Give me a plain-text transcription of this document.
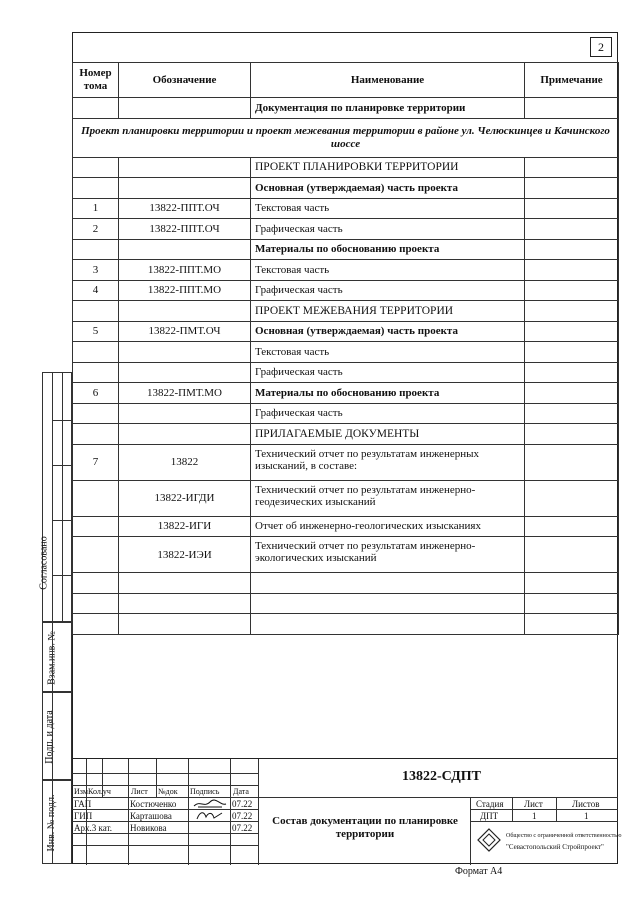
2
Номер тома	Обозначение	Наименование	Примечание
		Документация по планировке территории	
Проект планировки территории и проект межевания территории в районе ул. Челюскинцев и Качинского шоссе			
		ПРОЕКТ ПЛАНИРОВКИ ТЕРРИТОРИИ	
		Основная (утверждаемая) часть проекта	
1	13822-ППТ.ОЧ	Текстовая часть	
2	13822-ППТ.ОЧ	Графическая часть	
		Материалы по обоснованию проекта	
3	13822-ППТ.МО	Текстовая часть	
4	13822-ППТ.МО	Графическая часть	
		ПРОЕКТ МЕЖЕВАНИЯ ТЕРРИТОРИИ	
5	13822-ПМТ.ОЧ	Основная (утверждаемая) часть проекта	
		Текстовая часть	
		Графическая часть	
6	13822-ПМТ.МО	Материалы по обоснованию проекта	
		Графическая часть	
		ПРИЛАГАЕМЫЕ ДОКУМЕНТЫ	
7	13822	Технический отчет по результатам инженерных изысканий, в составе:	
	13822-ИГДИ	Технический отчет по результатам инженерно-геодезических изысканий	
	13822-ИГИ	Отчет об инженерно-геологических изысканиях	
	13822-ИЭИ	Технический отчет по результатам инженерно-экологических изысканий	

Согласовано
Взам.инв. №
Подп. и дата
Инв. № подл.
13822-СДПТ
Изм Кол.уч	Лист №док Подпись Дата
ГАП	Костюченко	07.22
ГИП	Карташова	07.22
Арх.3 кат. Новикова	07.22
Состав документации по планировке территории
Стадия Лист	Листов
ДПТ	1	1
Общество с ограниченной ответственностью
"Севастопольский Стройпроект"
Формат А4
